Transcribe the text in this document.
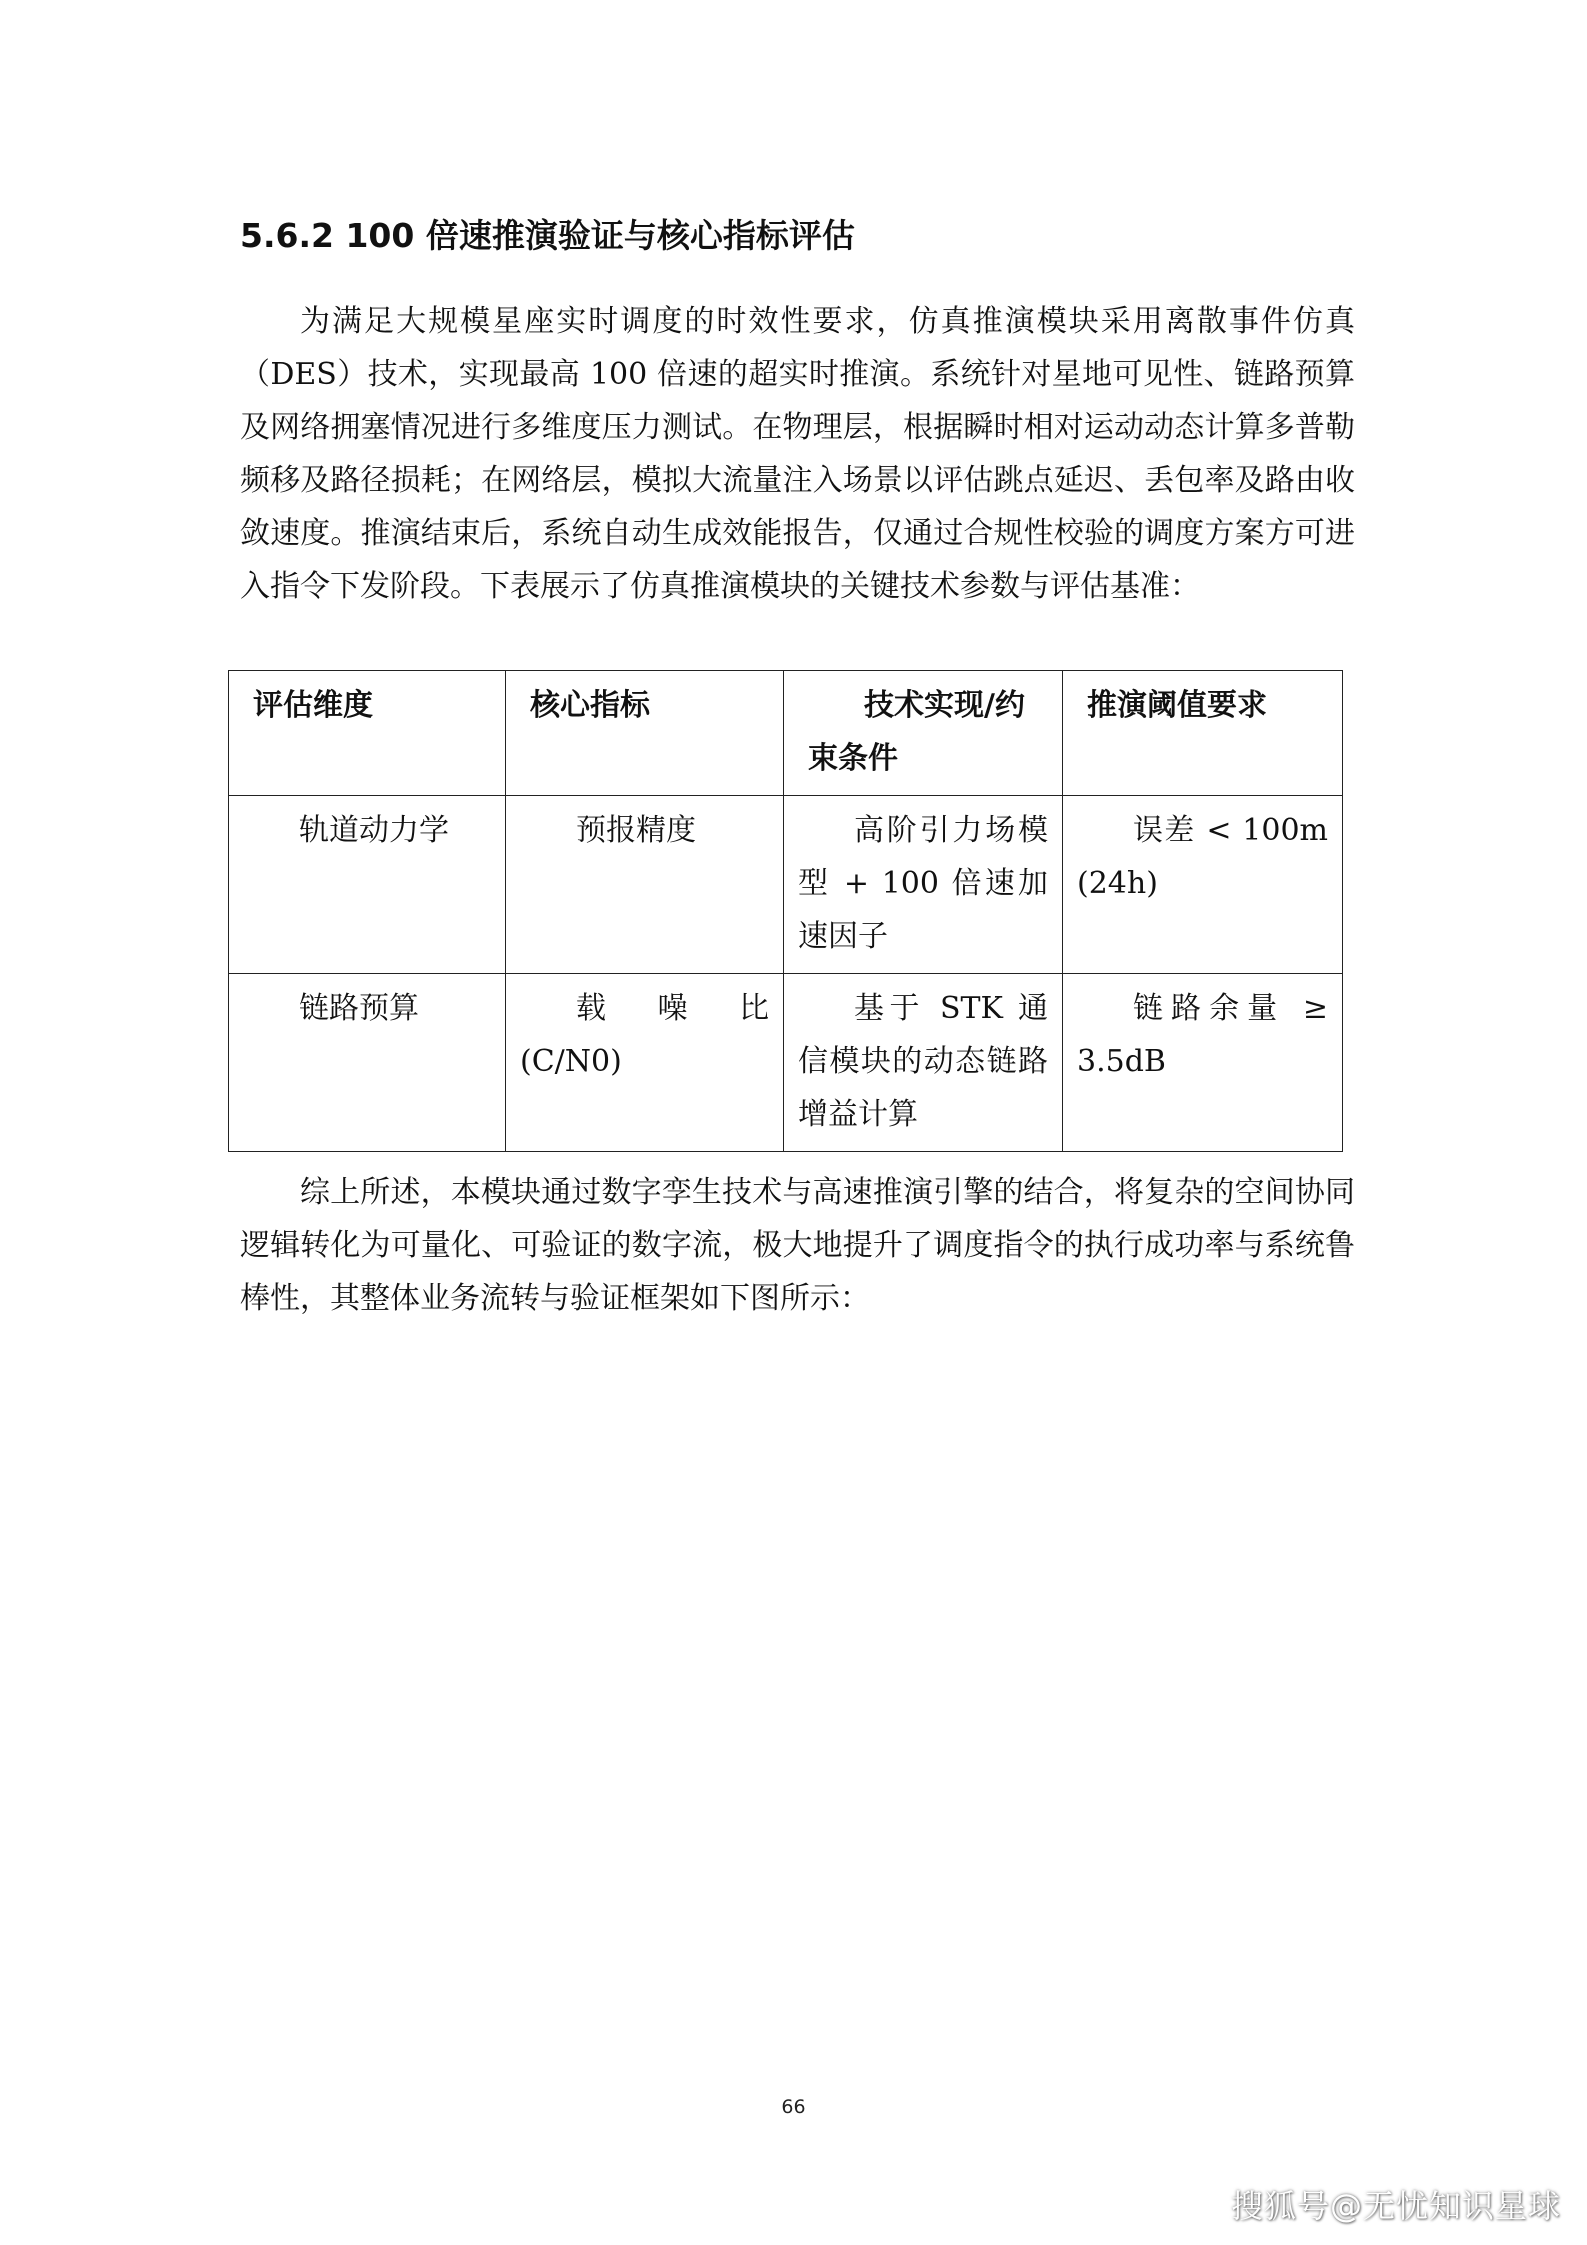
5.6.2 100 倍速推演验证与核心指标评估

为满足大规模星座实时调度的时效性要求，仿真推演模块采用离散事件仿真（DES）技术，实现最高 100 倍速的超实时推演。系统针对星地可见性、链路预算及网络拥塞情况进行多维度压力测试。在物理层，根据瞬时相对运动动态计算多普勒频移及路径损耗；在网络层，模拟大流量注入场景以评估跳点延迟、丢包率及路由收敛速度。推演结束后，系统自动生成效能报告，仅通过合规性校验的调度方案方可进入指令下发阶段。下表展示了仿真推演模块的关键技术参数与评估基准：

评估维度	核心指标	技术实现/约束条件	推演阈值要求
轨道动力学	预报精度	高阶引力场模型 + 100 倍速加速因子	误差 < 100m (24h)
链路预算	载噪比 (C/N0)	基于 STK 通信模块的动态链路增益计算	链路余量 ≥ 3.5dB

综上所述，本模块通过数字孪生技术与高速推演引擎的结合，将复杂的空间协同逻辑转化为可量化、可验证的数字流，极大地提升了调度指令的执行成功率与系统鲁棒性，其整体业务流转与验证框架如下图所示：

66
搜狐号@无忧知识星球
